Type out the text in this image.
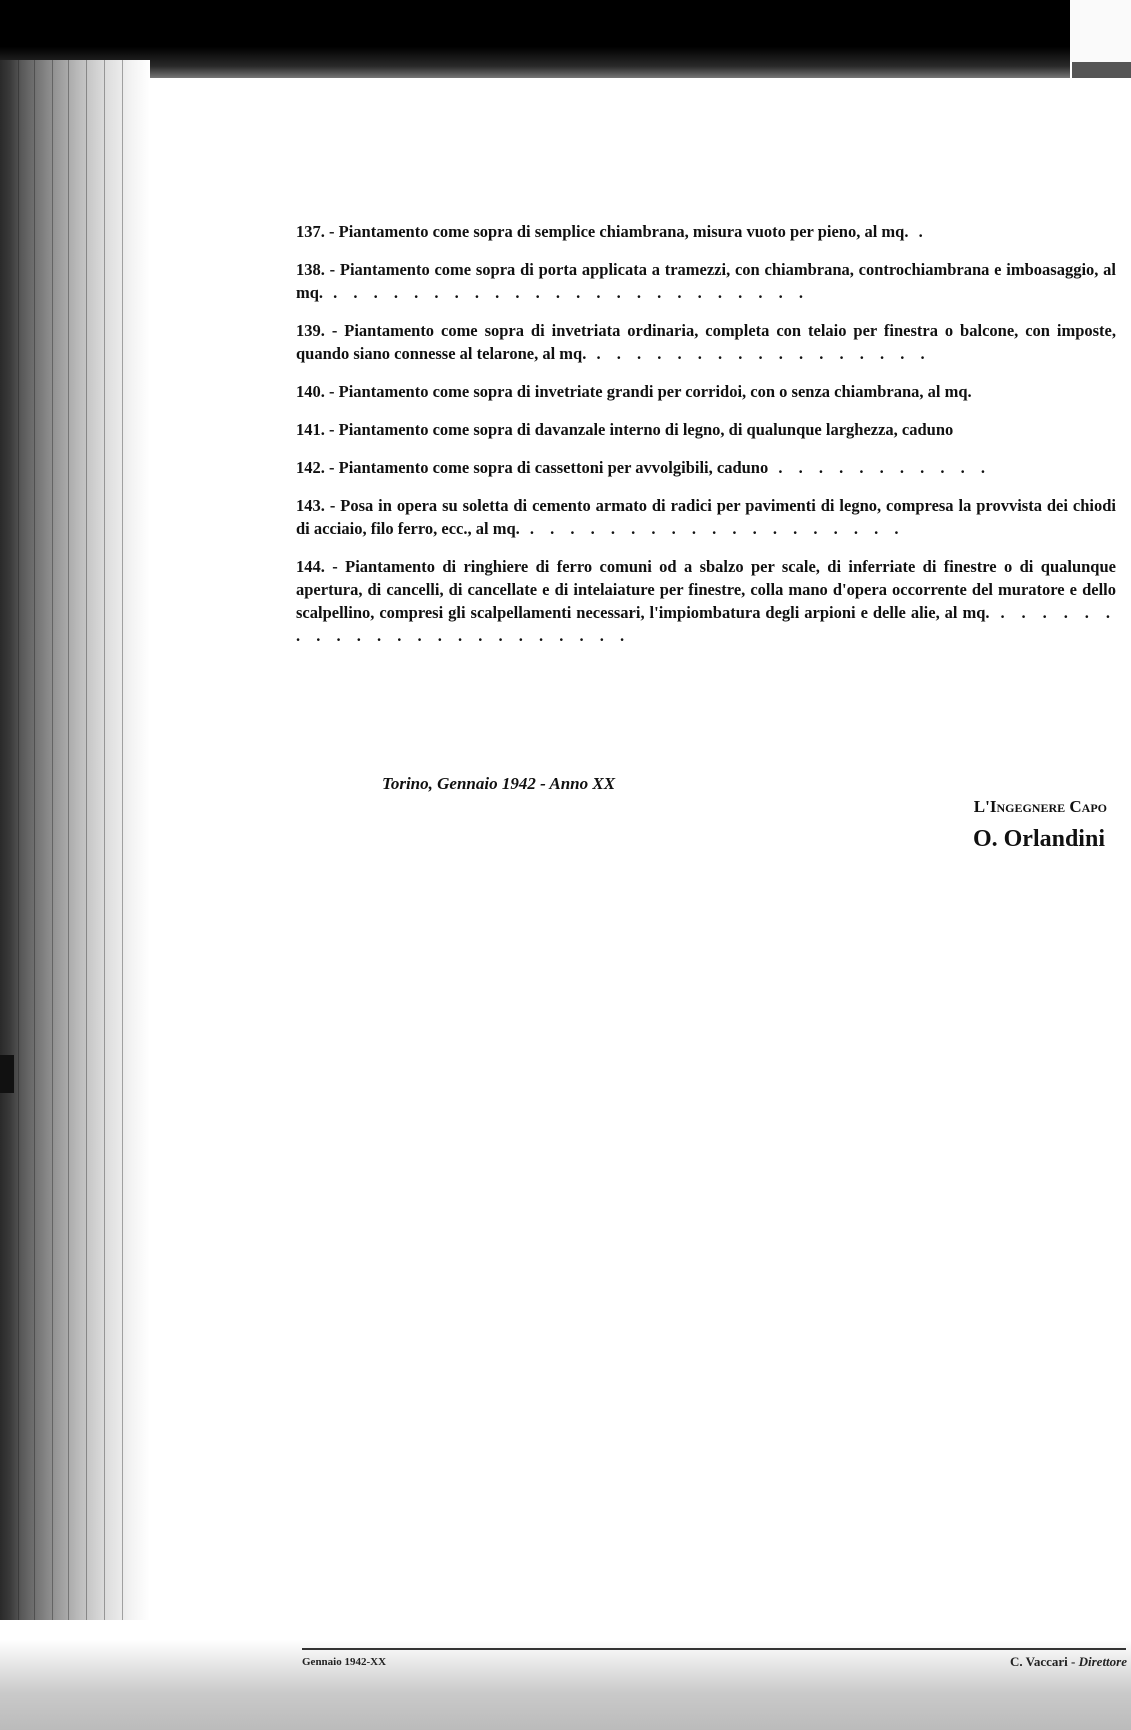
137. - Piantamento come sopra di semplice chiambrana, misura vuoto per pieno, al mq. .

138. - Piantamento come sopra di porta applicata a tramezzi, con chiambrana, controchiambrana e imboasaggio, al mq. . . . . . . . . . . . . . . . . . . . . . . . .

139. - Piantamento come sopra di invetriata ordinaria, completa con telaio per finestra o balcone, con imposte, quando siano connesse al telarone, al mq. . . . . . . . . . . . . . . . . .

140. - Piantamento come sopra di invetriate grandi per corridoi, con o senza chiambrana, al mq.

141. - Piantamento come sopra di davanzale interno di legno, di qualunque larghezza, caduno

142. - Piantamento come sopra di cassettoni per avvolgibili, caduno . . . . . . . . . . .

143. - Posa in opera su soletta di cemento armato di radici per pavimenti di legno, compresa la provvista dei chiodi di acciaio, filo ferro, ecc., al mq. . . . . . . . . . . . . . . . . . . .

144. - Piantamento di ringhiere di ferro comuni od a sbalzo per scale, di inferriate di finestre o di qualunque apertura, di cancelli, di cancellate e di intelaiature per finestre, colla mano d'opera occorrente del muratore e dello scalpellino, compresi gli scalpellamenti necessari, l'impiombatura degli arpioni e delle alie, al mq. . . . . . . . . . . . . . . . . . . . . . . .

Torino, Gennaio 1942 - Anno XX
L'Ingegnere Capo
O. Orlandini
Gennaio 1942-XX	C. Vaccari - Direttore
